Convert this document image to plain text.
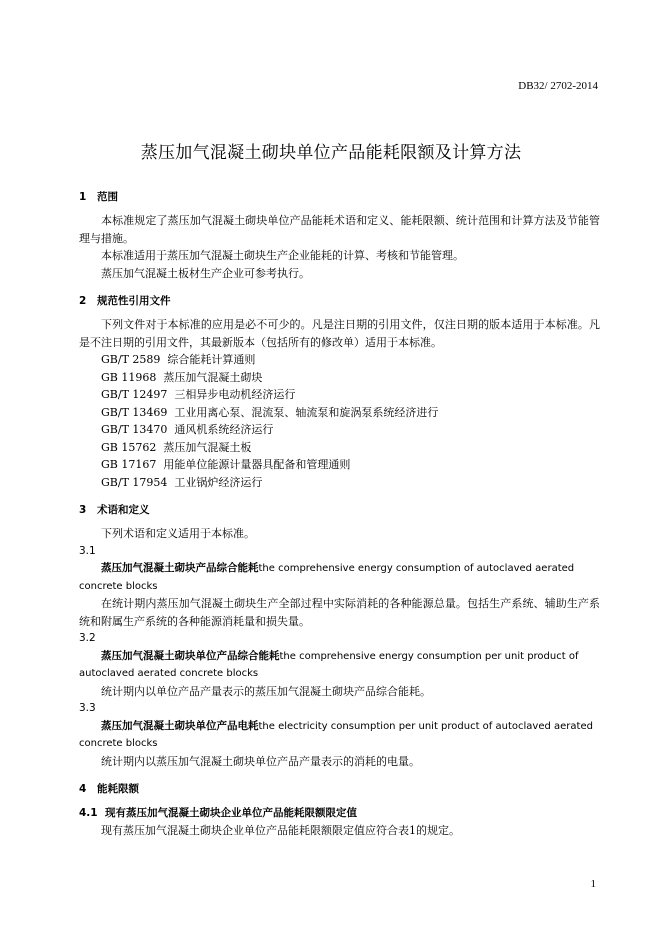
DB32/ 2702-2014
蒸压加气混凝土砌块单位产品能耗限额及计算方法
1 范围

本标准规定了蒸压加气混凝土砌块单位产品能耗术语和定义、能耗限额、统计范围和计算方法及节能管理与措施。

本标准适用于蒸压加气混凝土砌块生产企业能耗的计算、考核和节能管理。

蒸压加气混凝土板材生产企业可参考执行。

2 规范性引用文件

下列文件对于本标准的应用是必不可少的。凡是注日期的引用文件，仅注日期的版本适用于本标准。凡是不注日期的引用文件，其最新版本（包括所有的修改单）适用于本标准。

GB/T 2589 综合能耗计算通则

GB 11968 蒸压加气混凝土砌块

GB/T 12497 三相异步电动机经济运行

GB/T 13469 工业用离心泵、混流泵、轴流泵和旋涡泵系统经济进行

GB/T 13470 通风机系统经济运行

GB 15762 蒸压加气混凝土板

GB 17167 用能单位能源计量器具配备和管理通则

GB/T 17954 工业锅炉经济运行

3 术语和定义

下列术语和定义适用于本标准。

3.1

蒸压加气混凝土砌块产品综合能耗the comprehensive energy consumption of autoclaved aerated concrete blocks

在统计期内蒸压加气混凝土砌块生产全部过程中实际消耗的各种能源总量。包括生产系统、辅助生产系统和附属生产系统的各种能源消耗量和损失量。

3.2

蒸压加气混凝土砌块单位产品综合能耗the comprehensive energy consumption per unit product of autoclaved aerated concrete blocks

统计期内以单位产品产量表示的蒸压加气混凝土砌块产品综合能耗。

3.3

蒸压加气混凝土砌块单位产品电耗the electricity consumption per unit product of autoclaved aerated concrete blocks

统计期内以蒸压加气混凝土砌块单位产品产量表示的消耗的电量。

4 能耗限额
4.1 现有蒸压加气混凝土砌块企业单位产品能耗限额限定值

现有蒸压加气混凝土砌块企业单位产品能耗限额限定值应符合表1的规定。

1
